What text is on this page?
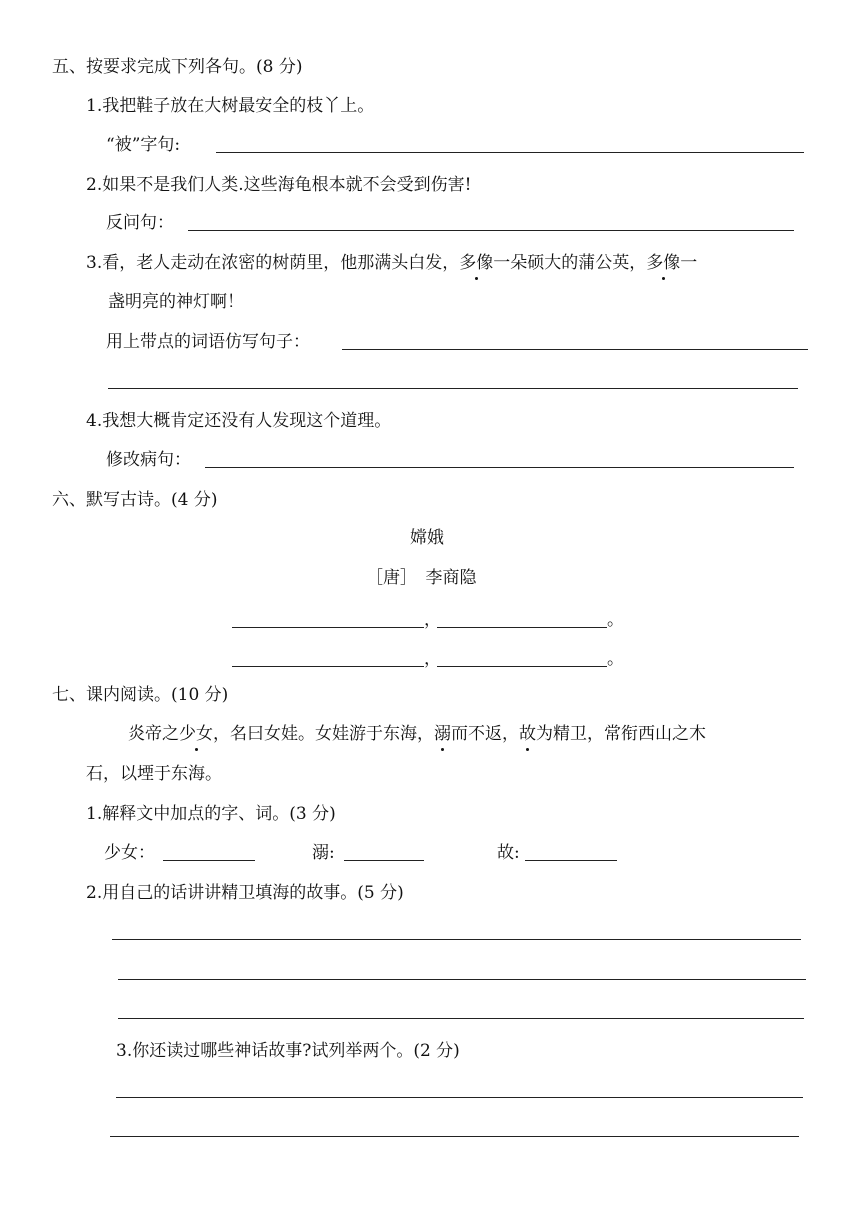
五、按要求完成下列各句。(8 分)
1.我把鞋子放在大树最安全的枝丫上。
“被”字句:
2.如果不是我们人类.这些海龟根本就不会受到伤害!
反问句：
3.看，老人走动在浓密的树荫里，他那满头白发，多像一朵硕大的蒲公英，多像一
盏明亮的神灯啊！
用上带点的词语仿写句子：
4.我想大概肯定还没有人发现这个道理。
修改病句：
六、默写古诗。(4 分)
嫦娥
［唐］　李商隐
，	。
，	。
七、课内阅读。(10 分)
炎帝之少女，名曰女娃。女娃游于东海，溺而不返，故为精卫，常衔西山之木
石，以堙于东海。
1.解释文中加点的字、词。(3 分)
少女：	溺:	故:
2.用自己的话讲讲精卫填海的故事。(5 分)
3.你还读过哪些神话故事?试列举两个。(2 分)
